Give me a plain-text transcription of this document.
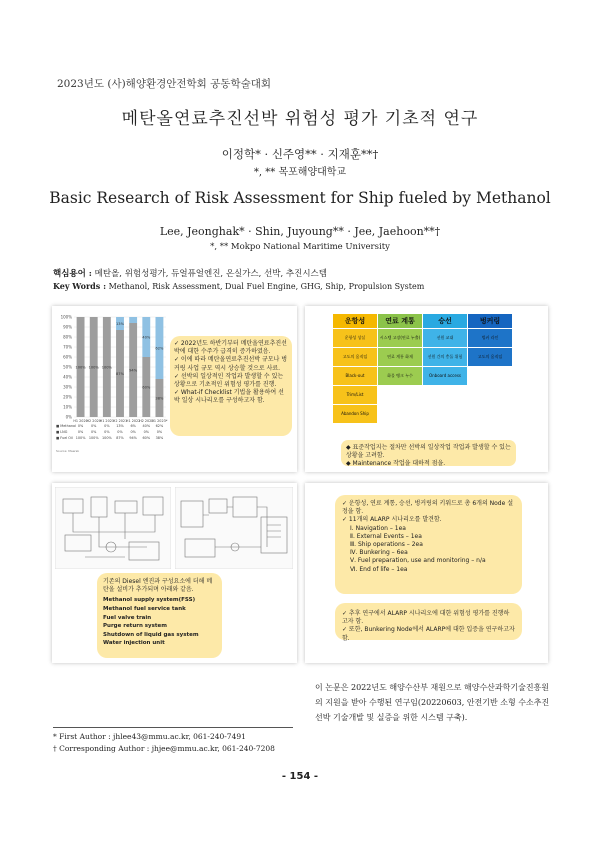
2023년도 (사)해양환경안전학회 공동학술대회
메탄올연료추진선박 위험성 평가 기초적 연구
이정학* · 신주영** · 지재훈**†
*, ** 목포해양대학교
Basic Research of Risk Assessment for Ship fueled by Methanol
Lee, Jeonghak* · Shin, Juyoung** · Jee, Jaehoon**†
*, ** Mokpo National Maritime University
핵심용어 : 메탄올, 위험성평가, 듀얼퓨얼엔진, 온실가스, 선박, 추진시스템
Key Words : Methanol, Risk Assessment, Dual Fuel Engine, GHG, Ship, Propulsion System
0%
10%
20%
30%
40%
50%
60%
70%
80%
90%
100%
100%
H1 2020
100%
H2 2020
100%
H1 2021
87%
13%
H2 2021
94%
H1 2022
60%
40%
H2 2022
38%
62%
H1 2023*
■ Methanol 0% 0% 0% 13% 6% 40% 62%
■ LNG	0% 0% 0% 0% 0% 0% 0%
■ Fuel Oil 100% 100% 100% 87% 94% 60% 38%
Source: Maersk
✓ 2022년도 하반기부터 메탄올연료추진선박에 대한 수주가 급격히 증가하였음.
✓ 이에 따라 메탄올연료추진선박 규모나 벙커링 사업 규모 역시 상승할 것으로 사료.
✓ 선박의 일상적인 작업과 발생할 수 있는 상황으로 기초적인 위험성 평가를 진행.
✓ What-if Checklist 기법을 활용하여 선박 일상 시나리오를 구성하고자 함.
운항성	연료 계통	승선	벙커링
운항성 상실	시스템 고장(연료 누출)	선원 교대	벙커 라인
고도의 움직임	연료 계통 화재	선원 간의 충돌 위험	고도의 움직임
Black-out	화물 탱크 누수	Onboard access
Trim/List
Abandon Ship
◆ 표준작업지는 절차만 선박의 일상작업 작업과 발생할 수 있는 상황을 고려함.
◆ Maintenance 작업을 대하적 점을.
기존의 Diesel 엔진과 구성요소에 더해 메탄올 설비가 추가되며 아래와 같음.
Methanol supply system(FSS)
Methanol fuel service tank
Fuel valve train
Purge return system
Shutdown of liquid gas system
Water injection unit
✓ 운항성, 연료 계통, 승선, 벙커링의 키워드로 총 6개의 Node 설정을 함.
✓ 11개의 ALARP 시나리오를 발견함.
Ⅰ. Navigation – 1ea
Ⅱ. External Events – 1ea
Ⅲ. Ship operations – 2ea
Ⅳ. Bunkering – 6ea
Ⅴ. Fuel preparation, use and monitoring – n/a
Ⅵ. End of life – 1ea
✓ 추후 연구에서 ALARP 시나리오에 대한 위험성 평가를 진행하고자 함.
✓ 또한, Bunkering Node에서 ALARP에 대한 입증을 연구하고자 함.
이 논문은 2022년도 해양수산부 재원으로 해양수산과학기술진흥원의 지원을 받아 수행된 연구임(20220603, 안전기반 소형 수소추진선박 기술개발 및 실증을 위한 시스템 구축).
* First Author : jhlee43@mmu.ac.kr, 061-240-7491
† Corresponding Author : jhjee@mmu.ac.kr, 061-240-7208
- 154 -
